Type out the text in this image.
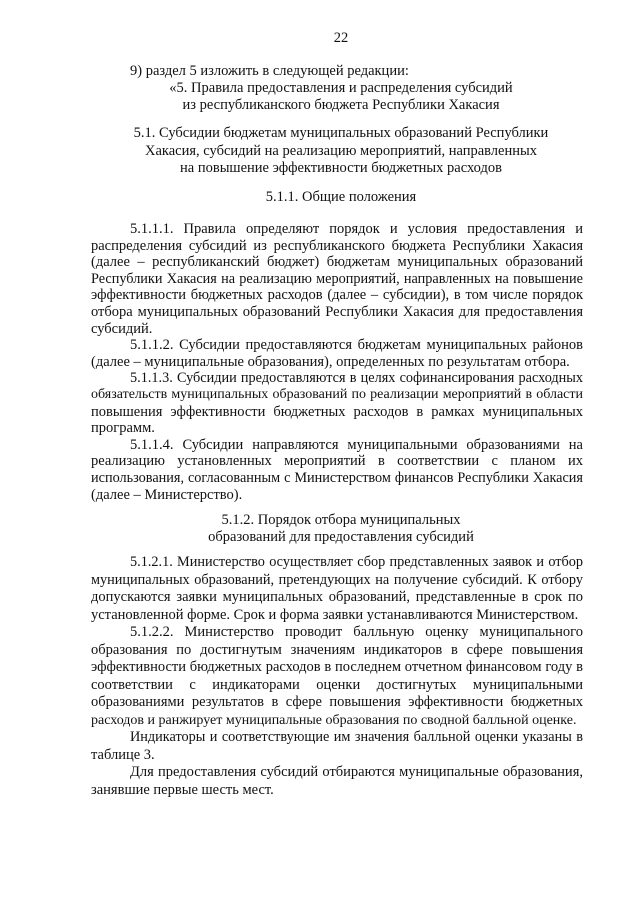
22
9) раздел 5 изложить в следующей редакции:
«5. Правила предоставления и распределения субсидий
из республиканского бюджета Республики Хакасия
5.1. Субсидии бюджетам муниципальных образований Республики
Хакасия, субсидий на реализацию мероприятий, направленных
на повышение эффективности бюджетных расходов
5.1.1. Общие положения
5.1.1.1. Правила определяют порядок и условия предоставления и
распределения субсидий из республиканского бюджета Республики Хакасия
(далее – республиканский бюджет) бюджетам муниципальных образований
Республики Хакасия на реализацию мероприятий, направленных на повышение
эффективности бюджетных расходов (далее – субсидии), в том числе порядок
отбора муниципальных образований Республики Хакасия для предоставления
субсидий.
5.1.1.2. Субсидии предоставляются бюджетам муниципальных районов
(далее – муниципальные образования), определенных по результатам отбора.
5.1.1.3. Субсидии предоставляются в целях софинансирования расходных
обязательств муниципальных образований по реализации мероприятий в области
повышения эффективности бюджетных расходов в рамках муниципальных
программ.
5.1.1.4. Субсидии направляются муниципальными образованиями на
реализацию установленных мероприятий в соответствии с планом их
использования, согласованным с Министерством финансов Республики Хакасия
(далее – Министерство).
5.1.2. Порядок отбора муниципальных
образований для предоставления субсидий
5.1.2.1. Министерство осуществляет сбор представленных заявок и отбор
муниципальных образований, претендующих на получение субсидий. К отбору
допускаются заявки муниципальных образований, представленные в срок по
установленной форме. Срок и форма заявки устанавливаются Министерством.
5.1.2.2. Министерство проводит балльную оценку муниципального
образования по достигнутым значениям индикаторов в сфере повышения
эффективности бюджетных расходов в последнем отчетном финансовом году в
соответствии с индикаторами оценки достигнутых муниципальными
образованиями результатов в сфере повышения эффективности бюджетных
расходов и ранжирует муниципальные образования по сводной балльной оценке.
Индикаторы и соответствующие им значения балльной оценки указаны в
таблице 3.
Для предоставления субсидий отбираются муниципальные образования,
занявшие первые шесть мест.
